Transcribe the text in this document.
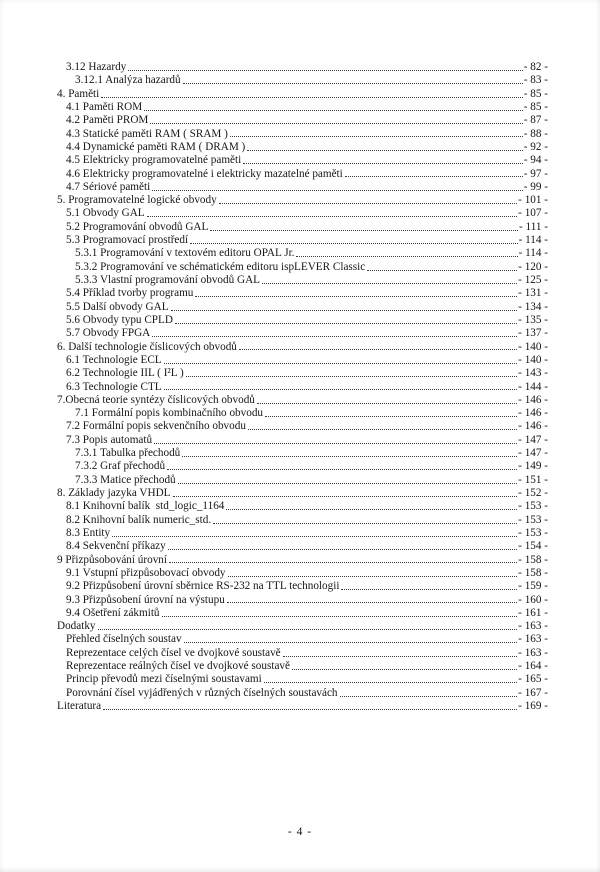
3.12 Hazardy	- 82 -
3.12.1 Analýza hazardů	- 83 -
4. Paměti	- 85 -
4.1 Paměti ROM	- 85 -
4.2 Paměti PROM	- 87 -
4.3 Statické paměti RAM ( SRAM )	- 88 -
4.4 Dynamické paměti RAM ( DRAM )	- 92 -
4.5 Elektricky programovatelné paměti	- 94 -
4.6 Elektricky programovatelné i elektricky mazatelné paměti	- 97 -
4.7 Sériové paměti	- 99 -
5. Programovatelné logické obvody	- 101 -
5.1 Obvody GAL	- 107 -
5.2 Programování obvodů GAL	- 111 -
5.3 Programovací prostředí	- 114 -
5.3.1 Programování v textovém editoru OPAL Jr.	- 114 -
5.3.2 Programování ve schématickém editoru ispLEVER Classic	- 120 -
5.3.3 Vlastní programování obvodů GAL	- 125 -
5.4 Příklad tvorby programu	- 131 -
5.5 Další obvody GAL	- 134 -
5.6 Obvody typu CPLD	- 135 -
5.7 Obvody FPGA	- 137 -
6. Další technologie číslicových obvodů	- 140 -
6.1 Technologie ECL	- 140 -
6.2 Technologie IIL ( I²L )	- 143 -
6.3 Technologie CTL	- 144 -
7.Obecná teorie syntézy číslicových obvodů	- 146 -
7.1 Formální popis kombinačního obvodu	- 146 -
7.2 Formální popis sekvenčního obvodu	- 146 -
7.3 Popis automatů	- 147 -
7.3.1 Tabulka přechodů	- 147 -
7.3.2 Graf přechodů	- 149 -
7.3.3 Matice přechodů	- 151 -
8. Základy jazyka VHDL	- 152 -
8.1 Knihovní balík  std_logic_1164	- 153 -
8.2 Knihovní balík numeric_std.	- 153 -
8.3 Entity	- 153 -
8.4 Sekvenční příkazy	- 154 -
9 Přizpůsobování úrovní	- 158 -
9.1 Vstupní přizpůsobovací obvody	- 158 -
9.2 Přizpůsobení úrovní sběrnice RS-232 na TTL technologii	- 159 -
9.3 Přizpůsobení úrovní na výstupu	- 160 -
9.4 Ošetření zákmitů	- 161 -
Dodatky	- 163 -
Přehled číselných soustav	- 163 -
Reprezentace celých čísel ve dvojkové soustavě	- 163 -
Reprezentace reálných čísel ve dvojkové soustavě	- 164 -
Princip převodů mezi číselnými soustavami	- 165 -
Porovnání čísel vyjádřených v různých číselných soustavách	- 167 -
Literatura	- 169 -
- 4 -
